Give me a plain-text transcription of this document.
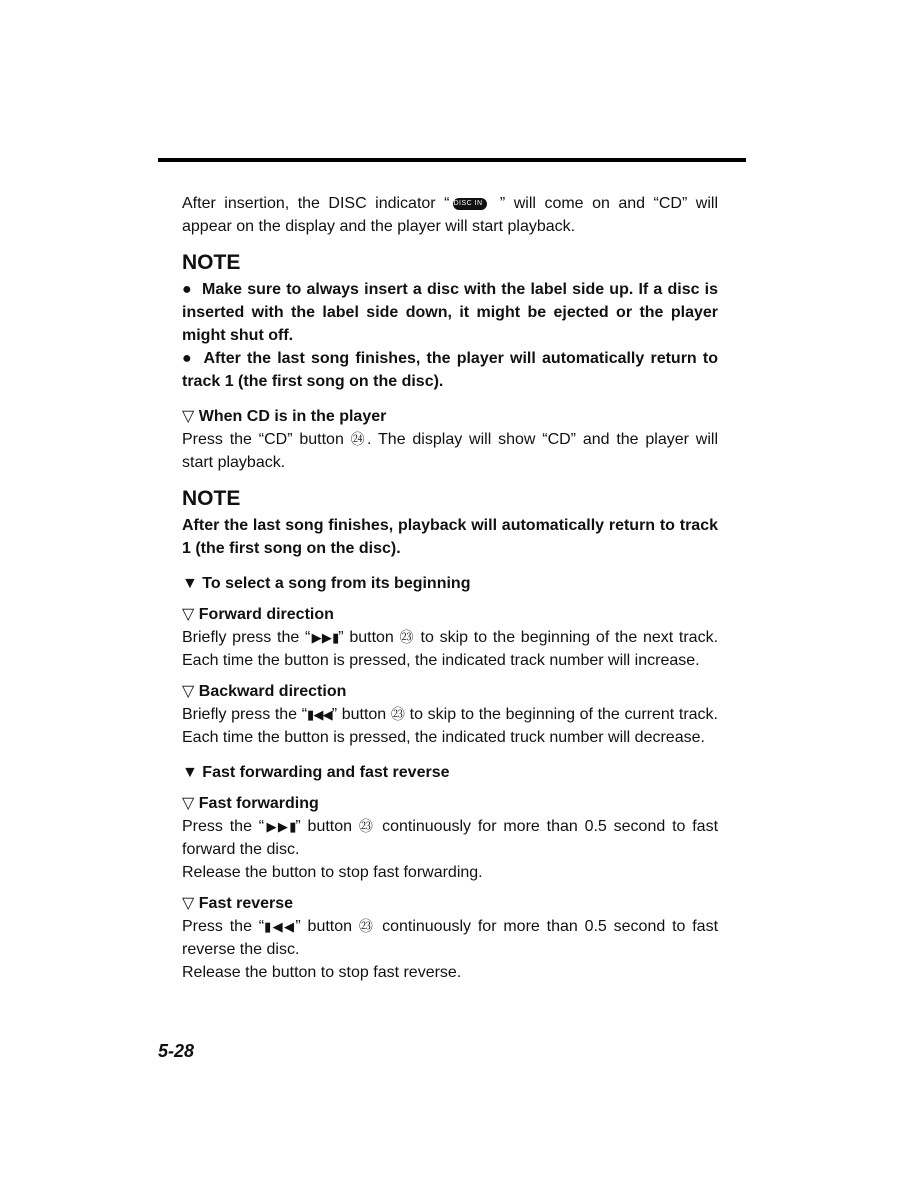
After insertion, the DISC indicator “ DISC IN ” will come on and “CD” will appear on the display and the player will start playback.

NOTE

● Make sure to always insert a disc with the label side up. If a disc is inserted with the label side down, it might be ejected or the player might shut off.

● After the last song finishes, the player will automatically return to track 1 (the first song on the disc).

▽ When CD is in the player

Press the “CD” button ㉔. The display will show “CD” and the player will start playback.

NOTE

After the last song finishes, playback will automatically return to track 1 (the first song on the disc).

▼ To select a song from its beginning
▽ Forward direction

Briefly press the “▶▶▮” button ㉓ to skip to the beginning of the next track. Each time the button is pressed, the indicated track number will increase.

▽ Backward direction

Briefly press the “▮◀◀” button ㉓ to skip to the beginning of the current track. Each time the button is pressed, the indicated truck number will decrease.

▼ Fast forwarding and fast reverse
▽ Fast forwarding

Press the “▶▶▮” button ㉓ continuously for more than 0.5 second to fast forward the disc.

Release the button to stop fast forwarding.

▽ Fast reverse

Press the “▮◀◀” button ㉓ continuously for more than 0.5 second to fast reverse the disc.

Release the button to stop fast reverse.

5-28
